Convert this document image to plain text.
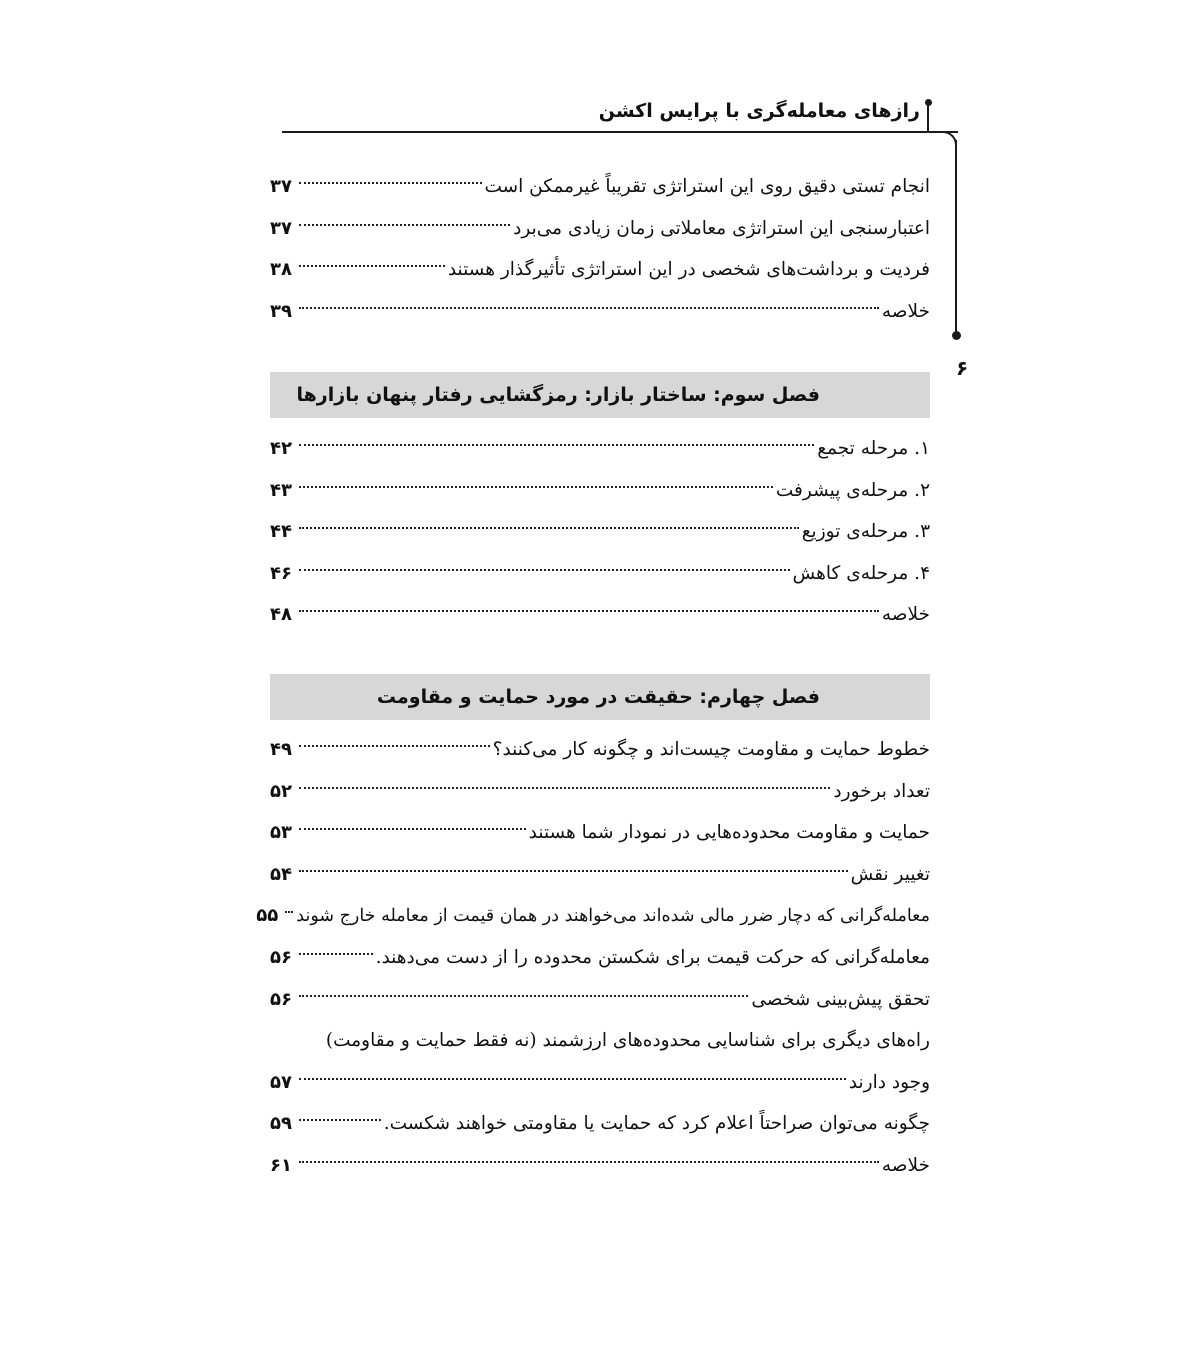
رازهای معامله‌گری با پرایس اکشن
۶
انجام تستی دقیق روی این استراتژی تقریباً غیرممکن است
۳۷
اعتبارسنجی این استراتژی معاملاتی زمان زیادی می‌برد
۳۷
فردیت و برداشت‌های شخصی در این استراتژی تأثیرگذار هستند
۳۸
خلاصه
۳۹
فصل سوم: ساختار بازار: رمزگشایی رفتار پنهان بازارها
۱. مرحله تجمع
۴۲
۲. مرحله‌ی پیشرفت
۴۳
۳. مرحله‌ی توزیع
۴۴
۴. مرحله‌ی کاهش
۴۶
خلاصه
۴۸
فصل چهارم: حقیقت در مورد حمایت و مقاومت
خطوط حمایت و مقاومت چیست‌اند و چگونه کار می‌کنند؟
۴۹
تعداد برخورد
۵۲
حمایت و مقاومت محدوده‌هایی در نمودار شما هستند
۵۳
تغییر نقش
۵۴
معامله‌گرانی که دچار ضرر مالی شده‌اند می‌خواهند در همان قیمت از معامله خارج شوند
۵۵
معامله‌گرانی که حرکت قیمت برای شکستن محدوده را از دست می‌دهند.
۵۶
تحقق پیش‌بینی شخصی
۵۶
راه‌های دیگری برای شناسایی محدوده‌های ارزشمند (نه فقط حمایت و مقاومت)
وجود دارند
۵۷
چگونه می‌توان صراحتاً اعلام کرد که حمایت یا مقاومتی خواهند شکست.
۵۹
خلاصه
۶۱
